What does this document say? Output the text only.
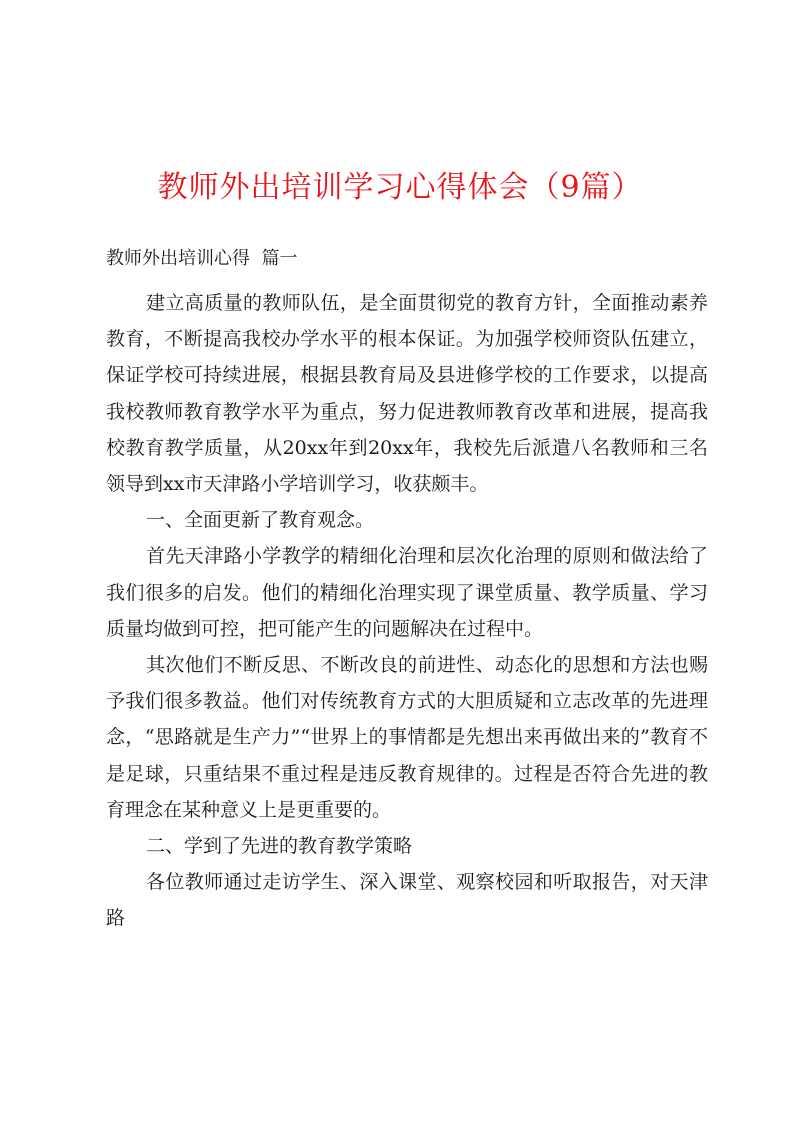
教师外出培训学习心得体会（9篇）
教师外出培训心得  篇一

建立高质量的教师队伍，是全面贯彻党的教育方针，全面推动素养教育，不断提高我校办学水平的根本保证。为加强学校师资队伍建立，保证学校可持续进展，根据县教育局及县进修学校的工作要求，以提高我校教师教育教学水平为重点，努力促进教师教育改革和进展，提高我校教育教学质量，从20xx年到20xx年，我校先后派遣八名教师和三名领导到xx市天津路小学培训学习，收获颇丰。

一、全面更新了教育观念。

首先天津路小学教学的精细化治理和层次化治理的原则和做法给了我们很多的启发。他们的精细化治理实现了课堂质量、教学质量、学习质量均做到可控，把可能产生的问题解决在过程中。

其次他们不断反思、不断改良的前进性、动态化的思想和方法也赐予我们很多教益。他们对传统教育方式的大胆质疑和立志改革的先进理念，“思路就是生产力”“世界上的事情都是先想出来再做出来的”教育不是足球，只重结果不重过程是违反教育规律的。过程是否符合先进的教育理念在某种意义上是更重要的。

二、学到了先进的教育教学策略

各位教师通过走访学生、深入课堂、观察校园和听取报告，对天津路
